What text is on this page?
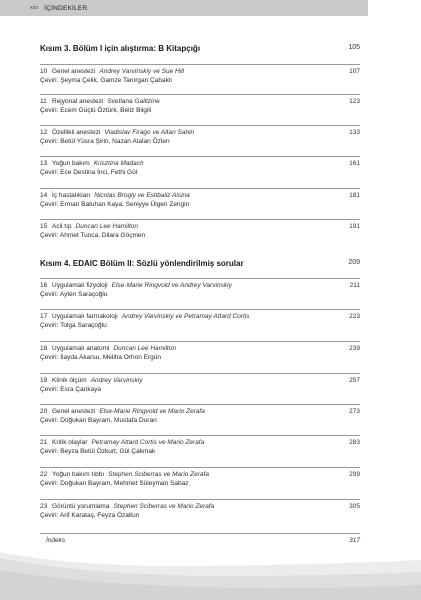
xxx İÇİNDEKİLER
Kısım 3. Bölüm I için alıştırma: B Kitapçığı	105
10 Genel anestezi Andrey Varvinskiy ve Sue Hill	107
Çeviri: Şeyma Çelik, Gamze Tanırgan Çabaklı
11 Rejyonal anestezi Svetlana Galitzine	123
Çeviri: Ecem Güçlü Öztürk, Beliz Bilgili
12 Özellikli anestezi Vladislav Firago ve Altan Sahin	133
Çeviri: Betül Yüsra Şirin, Nazan Atalan Özlen
13 Yoğun bakım Krisztina Madach	161
Çeviri: Ece Destina İnci, Fethi Gül
14 İç hastalıkları Nicolas Brogly ve Estibaliz Alsina	181
Çeviri: Erman Batuhan Kaya, Seniyye Ülgen Zengin
15 Acil tıp Duncan Lee Hamilton	191
Çeviri: Ahmet Tunca, Dilara Göçmen
Kısım 4. EDAIC Bölüm II: Sözlü yönlendirilmiş sorular	209
16 Uygulamalı fizyoloji Else-Marie Ringvold ve Andrey Varvinskiy	211
Çeviri: Ayten Saraçoğlu
17 Uygulamalı farmakoloji Andrey Varvinskiy ve Petramay Attard Cortis	223
Çeviri: Tolga Saraçoğlu
18 Uygulamalı anatomi Duncan Lee Hamilton	239
Çeviri: İlayda Akarsu, Meliha Orhon Ergün
19 Klinik ölçüm Andrey Varvinskiy	257
Çeviri: Esra Çankaya
20 Genel anestezi Else-Marie Ringvold ve Mario Zerafa	273
Çeviri: Doğukan Bayram, Mustafa Duran
21 Kritik olaylar Petramay Attard Cortis ve Mario Zerafa	283
Çeviri: Beyza Betül Özkurt, Gül Çakmak
22 Yoğun bakım tıbbı Stephen Sciberras ve Mario Zerafa	299
Çeviri: Doğukan Bayram, Mehmet Süleyman Sabaz
23 Görüntü yorumlama Stephen Sciberras ve Mario Zerafa	305
Çeviri: Arif Karataş, Feyza Özaltun
İndeks	317
